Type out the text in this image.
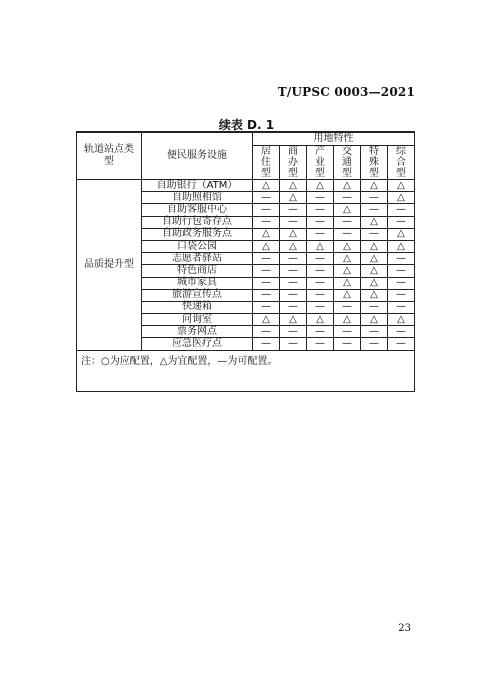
T/UPSC 0003—2021
续表 D. 1
轨道站点类型	便民服务设施	用地特性					
		居住型	商办型	产业型	交通型	特殊型	综合型
品质提升型	自助银行（ATM）	△	△	△	△	△	△
	自助照相馆	—	△	—	—	—	△
	自助客服中心	—	—	—	△	—	—
	自助行包寄存点	—	—	—	—	△	—
	自助政务服务点	△	△	—	—	—	△
	口袋公园	△	△	△	△	△	△
	志愿者驿站	—	—	—	△	△	—
	特色商店	—	—	—	△	△	—
	城市家具	—	—	—	△	△	—
	旅游宣传点	—	—	—	△	△	—
	快递箱	—	—	—	—	—	—
	问询室	△	△	△	△	△	△
	票务网点	—	—	—	—	—	—
	应急医疗点	—	—	—	—	—	—
注：○为应配置，△为宜配置，—为可配置。							
23
